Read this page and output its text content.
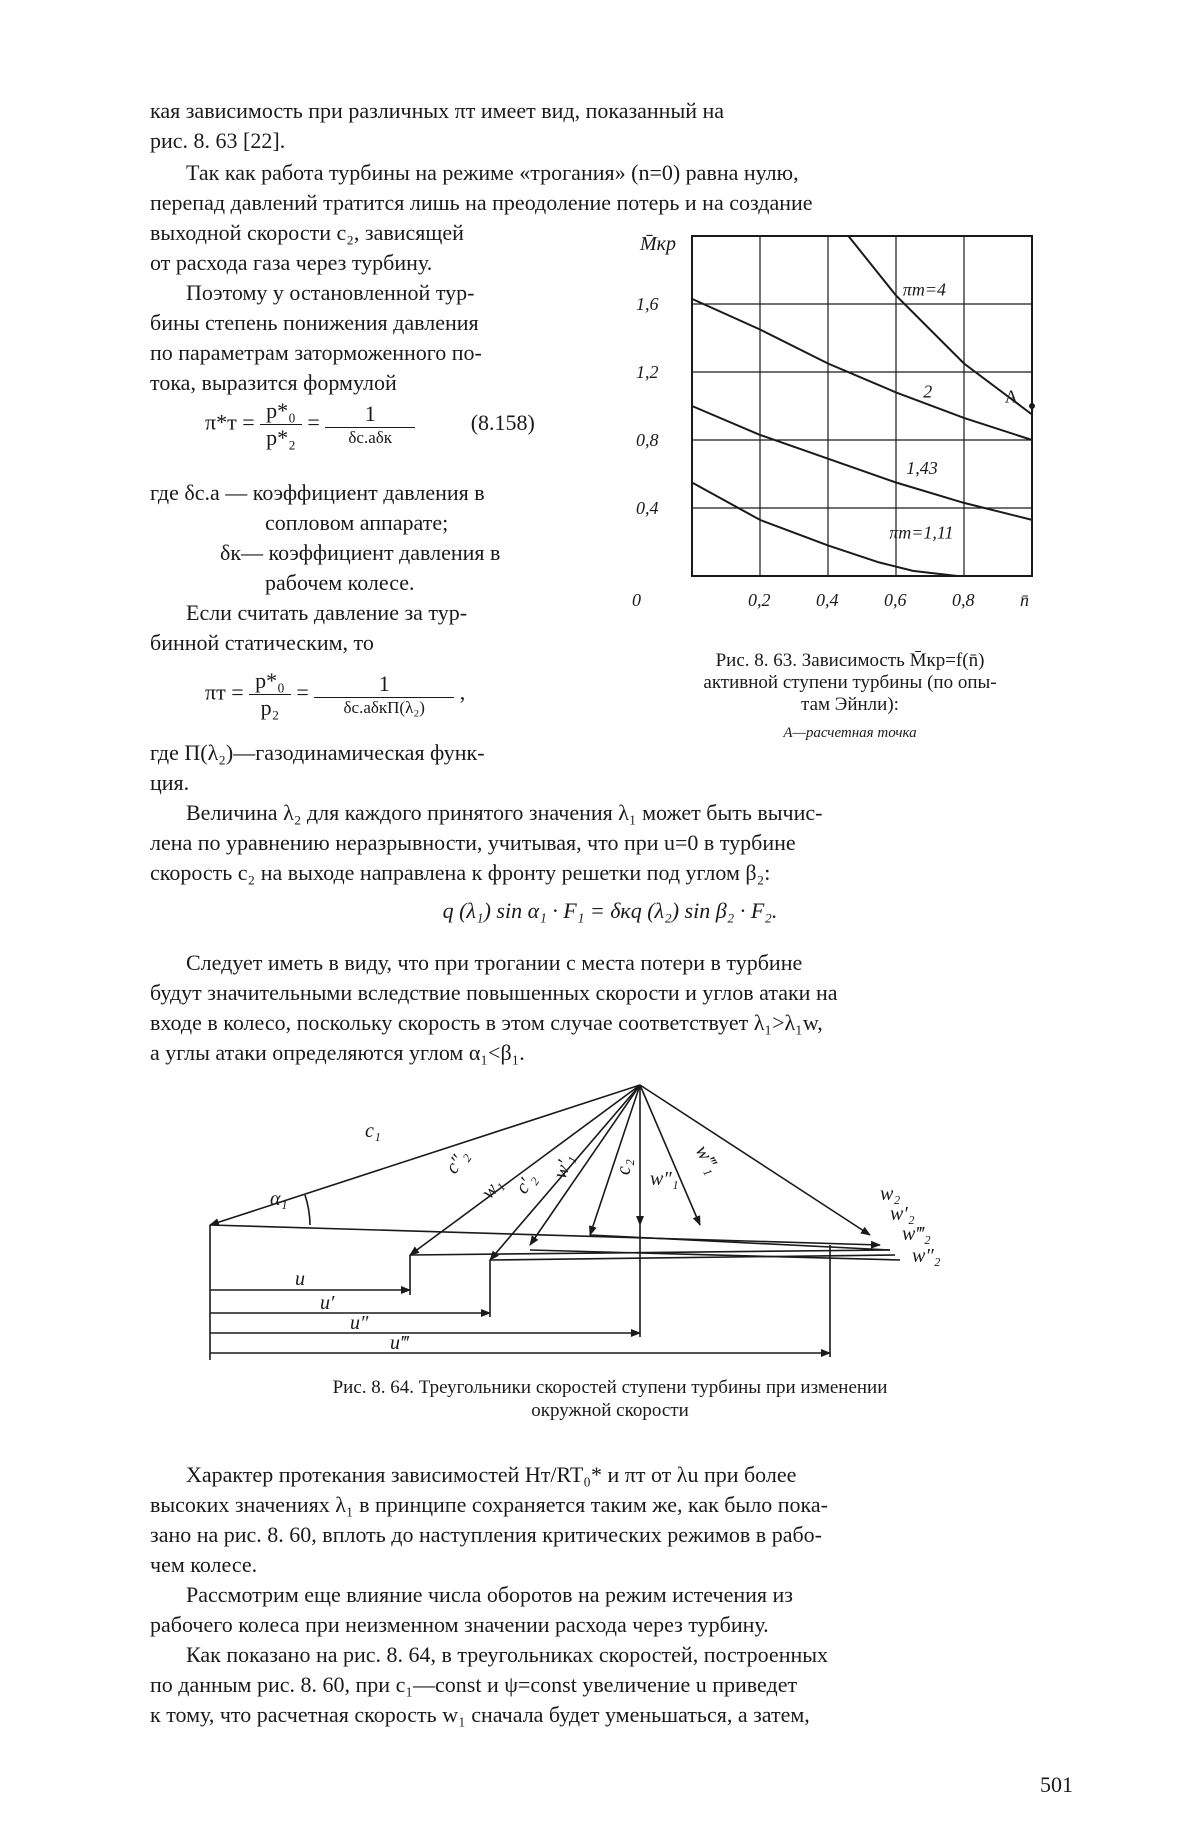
кая зависимость при различных πт имеет вид, показанный на
рис. 8. 63 [22].
Так как работа турбины на режиме «трогания» (n=0) равна нулю,
перепад давлений тратится лишь на преодоление потерь и на создание
выходной скорости c₂, зависящей
от расхода газа через турбину.
Поэтому у остановленной тур-
бины степень понижения давления
по параметрам заторможенного по-
тока, выразится формулой
$\pi*т = \frac{\text{p*₀}}{\text{p*₂}} = \frac{1}{\text{δс.аδк}}$	(8.158)
где δс.а — коэффициент давления в
сопловом аппарате;
δк— коэффициент давления в
рабочем колесе.
Если считать давление за тур-
бинной статическим, то
$\pi т = \frac{\text{p*₀}}{\text{p₂}} = \frac{1}{\text{δс.аδкП(λ₂)}}$ ,
где П(λ₂)—газодинамическая функ-
ция.
0,4
0,8
1,2
1,6
0	0,2	0,4	0,6	0,8	n̄
M̄кр
πт=4
2
1,43
πт=1,11
А
Рис. 8. 63. Зависимость M̄кр=f(n̄)
активной ступени турбины (по опы-
там Эйнли):
А—расчетная точка
Величина λ₂ для каждого принятого значения λ₁ может быть вычис-
лена по уравнению неразрывности, учитывая, что при u=0 в турбине
скорость c₂ на выходе направлена к фронту решетки под углом β₂:
q (λ₁) sin α₁ · F₁ = δкq (λ₂) sin β₂ · F₂.
Следует иметь в виду, что при трогании с места потери в турбине
будут значительными вследствие повышенных скорости и углов атаки на
входе в колесо, поскольку скорость в этом случае соответствует λ₁>λ₁w,
а углы атаки определяются углом α₁<β₁.
c₁
α₁
c″₂
w₁ c′₂
w′₁ c₂
w″₁
w‴₁
w₂
w′₂
w‴₂
w″₂
u
u′
u″
u‴
Рис. 8. 64. Треугольники скоростей ступени турбины при изменении
окружной скорости
Характер протекания зависимостей Hт/RT₀* и πт от λu при более
высоких значениях λ₁ в принципе сохраняется таким же, как было пока-
зано на рис. 8. 60, вплоть до наступления критических режимов в рабо-
чем колесе.
Рассмотрим еще влияние числа оборотов на режим истечения из
рабочего колеса при неизменном значении расхода через турбину.
Как показано на рис. 8. 64, в треугольниках скоростей, построенных
по данным рис. 8. 60, при c₁—const и ψ=const увеличение u приведет
к тому, что расчетная скорость w₁ сначала будет уменьшаться, а затем,
501
